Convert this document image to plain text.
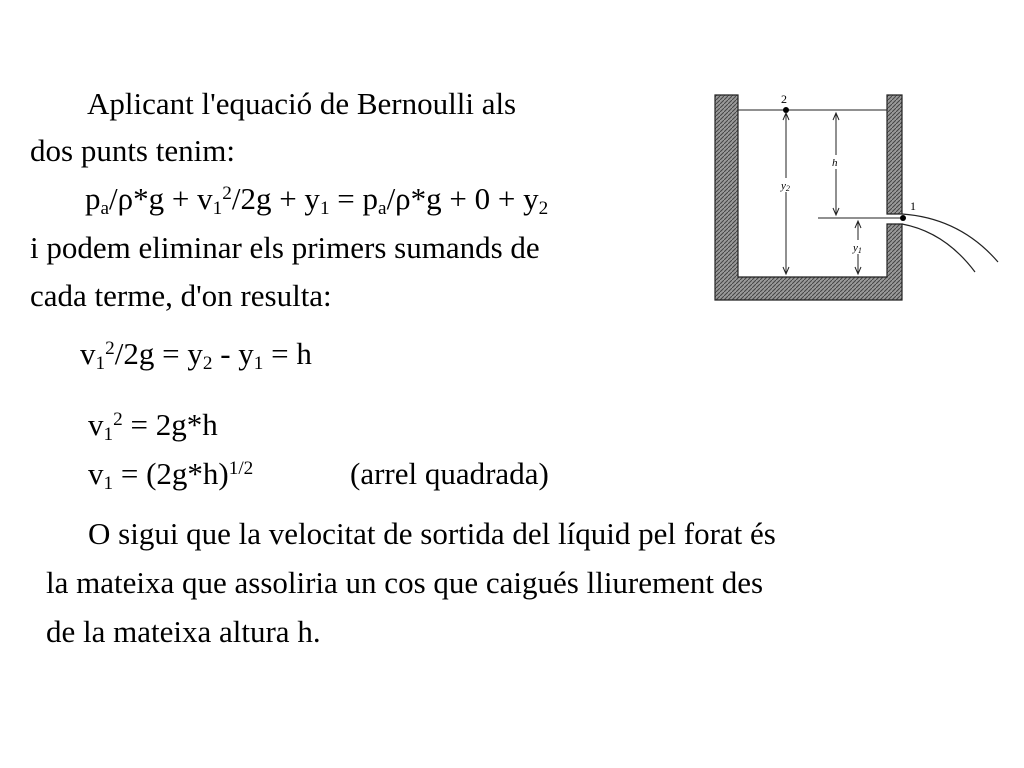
Aplicant l'equació de Bernoulli als
dos punts tenim:
$p_a/\rho*g + v_1^2/2g + y_1 = p_a/\rho*g + 0 + y_2$
i podem eliminar els primers sumands de
cada terme, d'on resulta:
$v_1^2/2g = y_2 - y_1 = h$
$v_1^2 = 2g*h$
$v_1 = (2g*h)^{1/2}$	(arrel quadrada)
O sigui que la velocitat de sortida del líquid pel forat és
la mateixa que assoliria un cos que caigués lliurement des
de la mateixa altura h.
2
y2
h
y1
1
